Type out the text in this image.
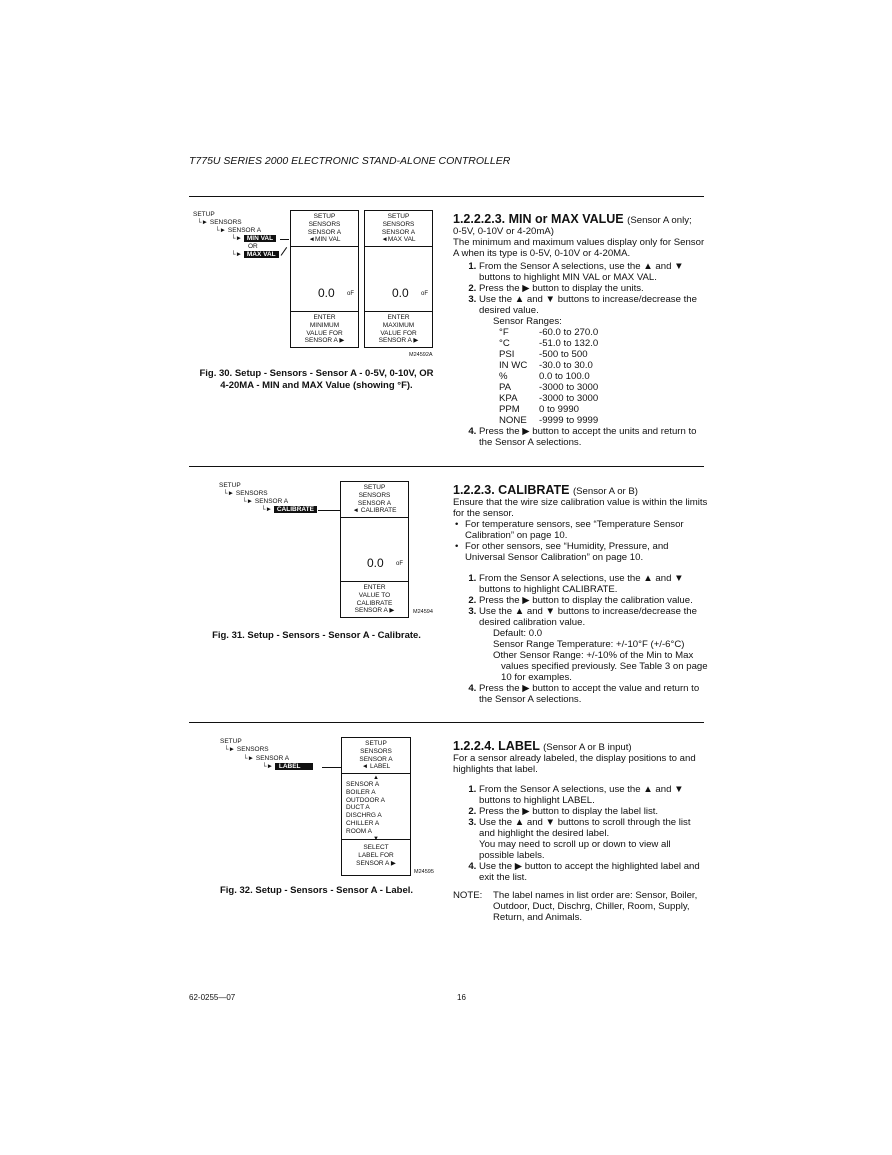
T775U SERIES 2000 ELECTRONIC STAND-ALONE CONTROLLER
SETUP
└► SENSORS
└► SENSOR A
└► MIN VAL
OR
└► MAX VAL
SETUP
SENSORS
SENSOR A
◄MIN VAL
0.0 oF
ENTER
MINIMUM
VALUE FOR
SENSOR A ▶
SETUP
SENSORS
SENSOR A
◄MAX VAL
0.0 oF
ENTER
MAXIMUM
VALUE FOR
SENSOR A ▶
M24592A
Fig. 30. Setup - Sensors - Sensor A - 0-5V, 0-10V, OR
4-20MA - MIN and MAX Value (showing °F).
1.2.2.2.3. MIN or MAX VALUE (Sensor A only;
0-5V, 0-10V or 4-20mA)
The minimum and maximum values display only for Sensor A when its type is 0-5V, 0-10V or 4-20MA.
1. From the Sensor A selections, use the ▲ and ▼ buttons to highlight MIN VAL or MAX VAL.
2. Press the ▶ button to display the units.
3. Use the ▲ and ▼ buttons to increase/decrease the desired value.
Sensor Ranges:
°F	-60.0 to 270.0
°C	-51.0 to 132.0
PSI	-500 to 500
IN WC	-30.0 to 30.0
%	0.0 to 100.0
PA	-3000 to 3000
KPA	-3000 to 3000
PPM	0 to 9990
NONE	-9999 to 9999
4. Press the ▶ button to accept the units and return to the Sensor A selections.
SETUP
└► SENSORS
└► SENSOR A
└► CALIBRATE
SETUP
SENSORS
SENSOR A
◄ CALIBRATE
0.0 oF
ENTER
VALUE TO
CALIBRATE
SENSOR A ▶	M24594
Fig. 31. Setup - Sensors - Sensor A - Calibrate.
1.2.2.3. CALIBRATE (Sensor A or B)
Ensure that the wire size calibration value is within the limits for the sensor.
• For temperature sensors, see “Temperature Sensor Calibration” on page 10.
• For other sensors, see “Humidity, Pressure, and Universal Sensor Calibration” on page 10.
1. From the Sensor A selections, use the ▲ and ▼ buttons to highlight CALIBRATE.
2. Press the ▶ button to display the calibration value.
3. Use the ▲ and ▼ buttons to increase/decrease the desired calibration value.
Default: 0.0
Sensor Range Temperature: +/-10°F (+/-6°C)
Other Sensor Range: +/-10% of the Min to Max
values specified previously. See Table 3 on page 10 for examples.
4. Press the ▶ button to accept the value and return to the Sensor A selections.
SETUP
└► SENSORS
└► SENSOR A
└► LABEL
SETUP
SENSORS
SENSOR A
◄ LABEL
▲
SENSOR A
BOILER A
OUTDOOR A
DUCT A
DISCHRG A
CHILLER A
ROOM A
▼
SELECT
LABEL FOR
SENSOR A ▶
M24595
Fig. 32. Setup - Sensors - Sensor A - Label.
1.2.2.4. LABEL (Sensor A or B input)
For a sensor already labeled, the display positions to and highlights that label.
1. From the Sensor A selections, use the ▲ and ▼ buttons to highlight LABEL.
2. Press the ▶ button to display the label list.
3. Use the ▲ and ▼ buttons to scroll through the list and highlight the desired label.
You may need to scroll up or down to view all possible labels.
4. Use the ▶ button to accept the highlighted label and exit the list.
NOTE:	The label names in list order are: Sensor, Boiler, Outdoor, Duct, Dischrg, Chiller, Room, Supply, Return, and Animals.
62-0255—07	16
